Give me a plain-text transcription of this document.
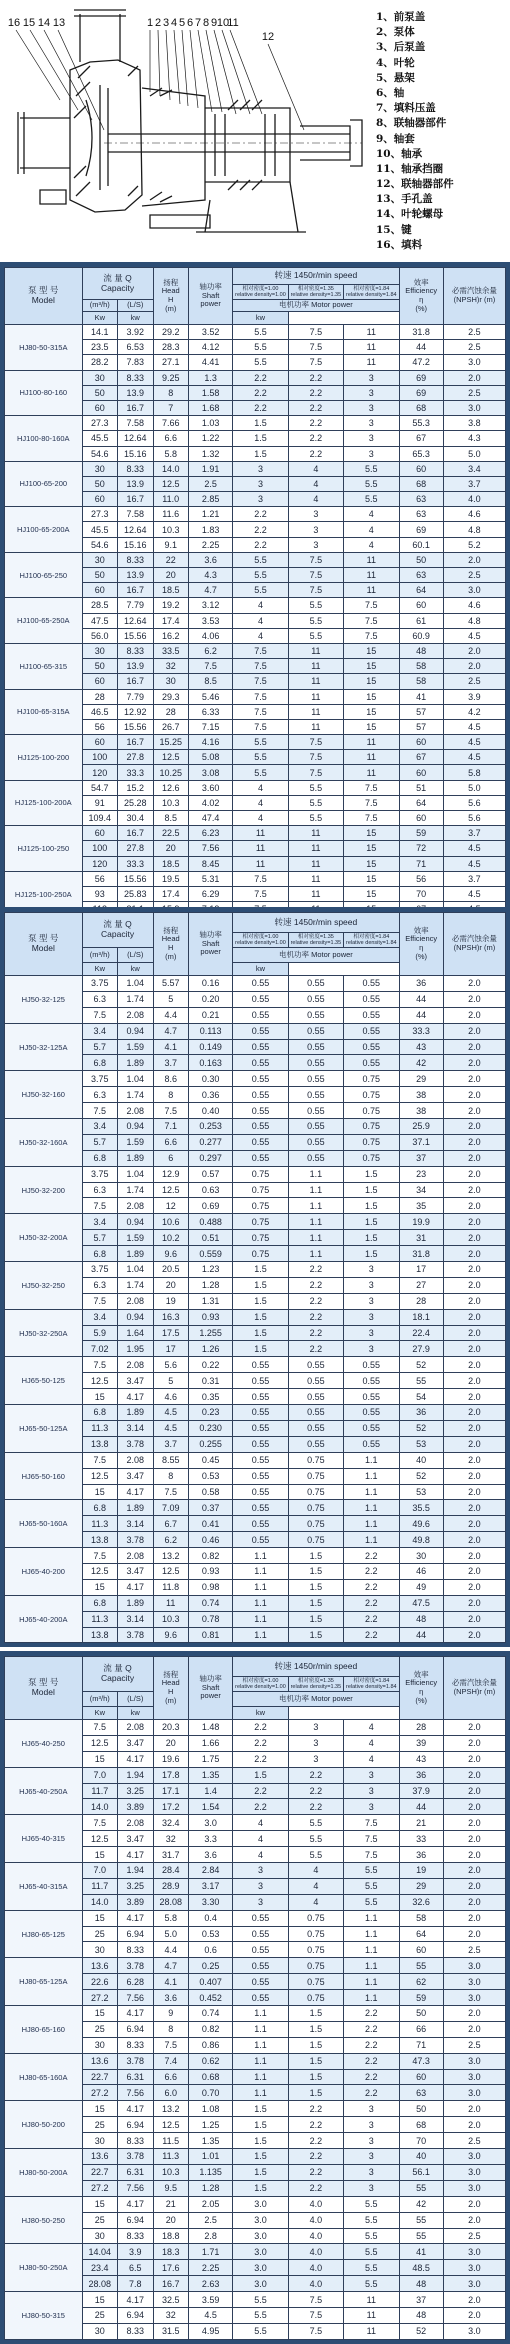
16 15 14 13	1 2 3 4 5 6 7 8 9 10
11
12
1、前泵盖
2、泵体
3、后泵盖
4、叶轮
5、悬架
6、轴
7、填料压盖
8、联轴器部件
9、轴套
10、轴承
11、轴承挡圈
12、联轴器部件
13、手孔盖
14、叶轮螺母
15、键
16、填料
泵 型 号
Model	流 量 Q
Capacity		扬程
Head
H
(m)	轴功率
Shaft
power	转速 1450r/min speed			效率
Efficiency
η
(%)	必需汽蚀余量
(NPSH)r (m)
					相对密度=1.00
relative density=1.00	相对密度=1.35
relative density=1.35	相对密度=1.84
relative density=1.84		
	(m³/h)	(L/S)			电机功率 Motor power				
	Kw	kw			kw				
HJ80-50-315A	14.1	3.92	29.2	3.52	5.5	7.5	11	31.8	2.5
	23.5	6.53	28.3	4.12	5.5	7.5	11	44	2.5
	28.2	7.83	27.1	4.41	5.5	7.5	11	47.2	3.0
HJ100-80-160	30	8.33	9.25	1.3	2.2	2.2	3	69	2.0
	50	13.9	8	1.58	2.2	2.2	3	69	2.5
	60	16.7	7	1.68	2.2	2.2	3	68	3.0
HJ100-80-160A	27.3	7.58	7.66	1.03	1.5	2.2	3	55.3	3.8
	45.5	12.64	6.6	1.22	1.5	2.2	3	67	4.3
	54.6	15.16	5.8	1.32	1.5	2.2	3	65.3	5.0
HJ100-65-200	30	8.33	14.0	1.91	3	4	5.5	60	3.4
	50	13.9	12.5	2.5	3	4	5.5	68	3.7
	60	16.7	11.0	2.85	3	4	5.5	63	4.0
HJ100-65-200A	27.3	7.58	11.6	1.21	2.2	3	4	63	4.6
	45.5	12.64	10.3	1.83	2.2	3	4	69	4.8
	54.6	15.16	9.1	2.25	2.2	3	4	60.1	5.2
HJ100-65-250	30	8.33	22	3.6	5.5	7.5	11	50	2.0
	50	13.9	20	4.3	5.5	7.5	11	63	2.5
	60	16.7	18.5	4.7	5.5	7.5	11	64	3.0
HJ100-65-250A	28.5	7.79	19.2	3.12	4	5.5	7.5	60	4.6
	47.5	12.64	17.4	3.53	4	5.5	7.5	61	4.8
	56.0	15.56	16.2	4.06	4	5.5	7.5	60.9	4.5
HJ100-65-315	30	8.33	33.5	6.2	7.5	11	15	48	2.0
	50	13.9	32	7.5	7.5	11	15	58	2.0
	60	16.7	30	8.5	7.5	11	15	58	2.5
HJ100-65-315A	28	7.79	29.3	5.46	7.5	11	15	41	3.9
	46.5	12.92	28	6.33	7.5	11	15	57	4.2
	56	15.56	26.7	7.15	7.5	11	15	57	4.5
HJ125-100-200	60	16.7	15.25	4.16	5.5	7.5	11	60	4.5
	100	27.8	12.5	5.08	5.5	7.5	11	67	4.5
	120	33.3	10.25	3.08	5.5	7.5	11	60	5.8
HJ125-100-200A	54.7	15.2	12.6	3.60	4	5.5	7.5	51	5.0
	91	25.28	10.3	4.02	4	5.5	7.5	64	5.6
	109.4	30.4	8.5	47.4	4	5.5	7.5	60	5.6
HJ125-100-250	60	16.7	22.5	6.23	11	11	15	59	3.7
	100	27.8	20	7.56	11	11	15	72	4.5
	120	33.3	18.5	8.45	11	11	15	71	4.5
HJ125-100-250A	56	15.56	19.5	5.31	7.5	11	15	56	3.7
	93	25.83	17.4	6.29	7.5	11	15	70	4.5

泵 型 号
Model	流 量 Q
Capacity		扬程
Head
H
(m)	轴功率
Shaft
power	转速 1450r/min speed			效率
Efficiency
η
(%)	必需汽蚀余量
(NPSH)r (m)
					相对密度=1.00
relative density=1.00	相对密度=1.35
relative density=1.35	相对密度=1.84
relative density=1.84		
	(m³/h)	(L/S)			电机功率 Motor power				
	Kw	kw			kw				
HJ50-32-125	3.75	1.04	5.57	0.16	0.55	0.55	0.55	36	2.0
	6.3	1.74	5	0.20	0.55	0.55	0.55	44	2.0
	7.5	2.08	4.4	0.21	0.55	0.55	0.55	44	2.0
HJ50-32-125A	3.4	0.94	4.7	0.113	0.55	0.55	0.55	33.3	2.0
	5.7	1.59	4.1	0.149	0.55	0.55	0.55	43	2.0
	6.8	1.89	3.7	0.163	0.55	0.55	0.55	42	2.0
HJ50-32-160	3.75	1.04	8.6	0.30	0.55	0.55	0.75	29	2.0
	6.3	1.74	8	0.36	0.55	0.55	0.75	38	2.0
	7.5	2.08	7.5	0.40	0.55	0.55	0.75	38	2.0
HJ50-32-160A	3.4	0.94	7.1	0.253	0.55	0.55	0.75	25.9	2.0
	5.7	1.59	6.6	0.277	0.55	0.55	0.75	37.1	2.0
	6.8	1.89	6	0.297	0.55	0.55	0.75	37	2.0
HJ50-32-200	3.75	1.04	12.9	0.57	0.75	1.1	1.5	23	2.0
	6.3	1.74	12.5	0.63	0.75	1.1	1.5	34	2.0
	7.5	2.08	12	0.69	0.75	1.1	1.5	35	2.0
HJ50-32-200A	3.4	0.94	10.6	0.488	0.75	1.1	1.5	19.9	2.0
	5.7	1.59	10.2	0.51	0.75	1.1	1.5	31	2.0
	6.8	1.89	9.6	0.559	0.75	1.1	1.5	31.8	2.0
HJ50-32-250	3.75	1.04	20.5	1.23	1.5	2.2	3	17	2.0
	6.3	1.74	20	1.28	1.5	2.2	3	27	2.0
	7.5	2.08	19	1.31	1.5	2.2	3	28	2.0
HJ50-32-250A	3.4	0.94	16.3	0.93	1.5	2.2	3	18.1	2.0
	5.9	1.64	17.5	1.255	1.5	2.2	3	22.4	2.0
	7.02	1.95	17	1.26	1.5	2.2	3	27.9	2.0
HJ65-50-125	7.5	2.08	5.6	0.22	0.55	0.55	0.55	52	2.0
	12.5	3.47	5	0.31	0.55	0.55	0.55	55	2.0
	15	4.17	4.6	0.35	0.55	0.55	0.55	54	2.0
HJ65-50-125A	6.8	1.89	4.5	0.23	0.55	0.55	0.55	36	2.0
	11.3	3.14	4.5	0.230	0.55	0.55	0.55	52	2.0
	13.8	3.78	3.7	0.255	0.55	0.55	0.55	53	2.0
HJ65-50-160	7.5	2.08	8.55	0.45	0.55	0.75	1.1	40	2.0
	12.5	3.47	8	0.53	0.55	0.75	1.1	52	2.0
	15	4.17	7.5	0.58	0.55	0.75	1.1	53	2.0
HJ65-50-160A	6.8	1.89	7.09	0.37	0.55	0.75	1.1	35.5	2.0
	11.3	3.14	6.7	0.41	0.55	0.75	1.1	49.6	2.0
	13.8	3.78	6.2	0.46	0.55	0.75	1.1	49.8	2.0
HJ65-40-200	7.5	2.08	13.2	0.82	1.1	1.5	2.2	30	2.0
	12.5	3.47	12.5	0.93	1.1	1.5	2.2	46	2.0
	15	4.17	11.8	0.98	1.1	1.5	2.2	49	2.0
HJ65-40-200A	6.8	1.89	11	0.74	1.1	1.5	2.2	47.5	2.0
	11.3	3.14	10.3	0.78	1.1	1.5	2.2	48	2.0
	13.8	3.78	9.6	0.81	1.1	1.5	2.2	44	2.0
泵 型 号
Model	流 量 Q
Capacity		扬程
Head
H
(m)	轴功率
Shaft
power	转速 1450r/min speed			效率
Efficiency
η
(%)	必需汽蚀余量
(NPSH)r (m)
					相对密度=1.00
relative density=1.00	相对密度=1.35
relative density=1.35	相对密度=1.84
relative density=1.84		
	(m³/h)	(L/S)			电机功率 Motor power				
	Kw	kw			kw				
HJ65-40-250	7.5	2.08	20.3	1.48	2.2	3	4	28	2.0
	12.5	3.47	20	1.66	2.2	3	4	39	2.0
	15	4.17	19.6	1.75	2.2	3	4	43	2.0
HJ65-40-250A	7.0	1.94	17.8	1.35	1.5	2.2	3	36	2.0
	11.7	3.25	17.1	1.4	2.2	2.2	3	37.9	2.0
	14.0	3.89	17.2	1.54	2.2	2.2	3	44	2.0
HJ65-40-315	7.5	2.08	32.4	3.0	4	5.5	7.5	21	2.0
	12.5	3.47	32	3.3	4	5.5	7.5	33	2.0
	15	4.17	31.7	3.6	4	5.5	7.5	36	2.0
HJ65-40-315A	7.0	1.94	28.4	2.84	3	4	5.5	19	2.0
	11.7	3.25	28.9	3.17	3	4	5.5	29	2.0
	14.0	3.89	28.08	3.30	3	4	5.5	32.6	2.0
HJ80-65-125	15	4.17	5.8	0.4	0.55	0.75	1.1	58	2.0
	25	6.94	5.0	0.53	0.55	0.75	1.1	64	2.0
	30	8.33	4.4	0.6	0.55	0.75	1.1	60	2.5
HJ80-65-125A	13.6	3.78	4.7	0.25	0.55	0.75	1.1	55	3.0
	22.6	6.28	4.1	0.407	0.55	0.75	1.1	62	3.0
	27.2	7.56	3.6	0.452	0.55	0.75	1.1	59	3.0
HJ80-65-160	15	4.17	9	0.74	1.1	1.5	2.2	50	2.0
	25	6.94	8	0.82	1.1	1.5	2.2	66	2.0
	30	8.33	7.5	0.86	1.1	1.5	2.2	71	2.5
HJ80-65-160A	13.6	3.78	7.4	0.62	1.1	1.5	2.2	47.3	3.0
	22.7	6.31	6.6	0.68	1.1	1.5	2.2	60	3.0
	27.2	7.56	6.0	0.70	1.1	1.5	2.2	63	3.0
HJ80-50-200	15	4.17	13.2	1.08	1.5	2.2	3	50	2.0
	25	6.94	12.5	1.25	1.5	2.2	3	68	2.0
	30	8.33	11.5	1.35	1.5	2.2	3	70	2.5
HJ80-50-200A	13.6	3.78	11.3	1.01	1.5	2.2	3	40	3.0
	22.7	6.31	10.3	1.135	1.5	2.2	3	56.1	3.0
	27.2	7.56	9.5	1.28	1.5	2.2	3	55	3.0
HJ80-50-250	15	4.17	21	2.05	3.0	4.0	5.5	42	2.0
	25	6.94	20	2.5	3.0	4.0	5.5	55	2.0
	30	8.33	18.8	2.8	3.0	4.0	5.5	55	2.5
HJ80-50-250A	14.04	3.9	18.3	1.71	3.0	4.0	5.5	41	3.0
	23.4	6.5	17.6	2.25	3.0	4.0	5.5	48.5	3.0
	28.08	7.8	16.7	2.63	3.0	4.0	5.5	48	3.0
HJ80-50-315	15	4.17	32.5	3.59	5.5	7.5	11	37	2.0
	25	6.94	32	4.5	5.5	7.5	11	48	2.0
	30	8.33	31.5	4.95	5.5	7.5	11	52	3.0
